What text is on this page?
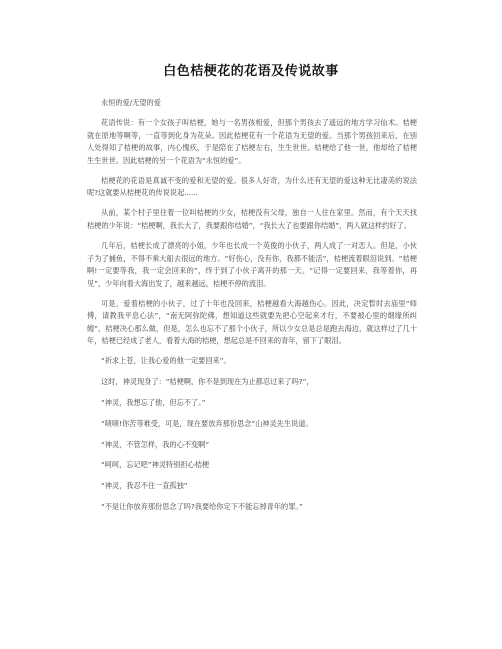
白色桔梗花的花语及传说故事

永恒的爱/无望的爱

花语传说：有一个女孩子叫桔梗，她与一名男孩相爱，但那个男孩去了遥远的地方学习仙术。桔梗就在原地等啊等，一直等到化身为花朵。因此桔梗花有一个花语为无望的爱。当那个男孩回来后，在别人处得知了桔梗的故事，内心愧疚，于是陪在了桔梗左右，生生世世。桔梗给了他一世，他却给了桔梗生生世世。因此桔梗的另一个花语为“永恒的爱”。

桔梗花的花语是真诚不变的爱和无望的爱。很多人好奇，为什么还有无望的爱这种无比凄美的说法呢?这就要从桔梗花的传说说起......

从前，某个村子里住着一位叫桔梗的少女，桔梗没有父母，独自一人住在家里。然而，有个天天找桔梗的少年说：“桔梗啊，我长大了，我要跟你结婚”，“我长大了也要跟你结婚”，两人就这样约好了。

几年后，桔梗长成了漂亮的小姐，少年也长成一个英俊的小伙子，两人成了一对恋人。但是，小伙子为了捕鱼，不得不乘大船去很远的地方。“好伤心，没有你，我都不能活”，桔梗流着眼泪说到。“桔梗啊!一定要等我，我一定会回来的”，终于到了小伙子离开的那一天。“记得一定要回来，我等着你，再见”，少年向着大海出发了，越来越远，桔梗不停的流泪。

可是，爱着桔梗的小伙子，过了十年也没回来，桔梗越看大海越伤心。因此，决定暂时去庙里“师傅，请教我平息心法”，“南无阿弥陀佛，想知道这些就要先把心空起来才行，不要被心里的烟缘所纠缠”，桔梗决心那么做，但是，怎么也忘不了那个小伙子，所以少女总是总是跑去海边，就这样过了几十年，桔梗已经成了老人，看着大海的桔梗，想起总是不回来的青年，留下了眼泪。

“祈求上苍，让我心爱的他一定要回来”。

这时，神灵现身了：“桔梗啊，你不是到现在为止都忍过来了吗?”，

“神灵，我想忘了他，但忘不了。”

“啧啧!你苦等难受，可是，现在要放弃那份思念”山神灵先生说道。

“神灵，不管怎样，我的心不变啊”

“呵呵，忘记吧”神灵特别担心桔梗

“神灵，我忍不住一直孤独”

“不是让你放弃那份思念了吗?我要给你定下不能忘掉青年的罪。”
